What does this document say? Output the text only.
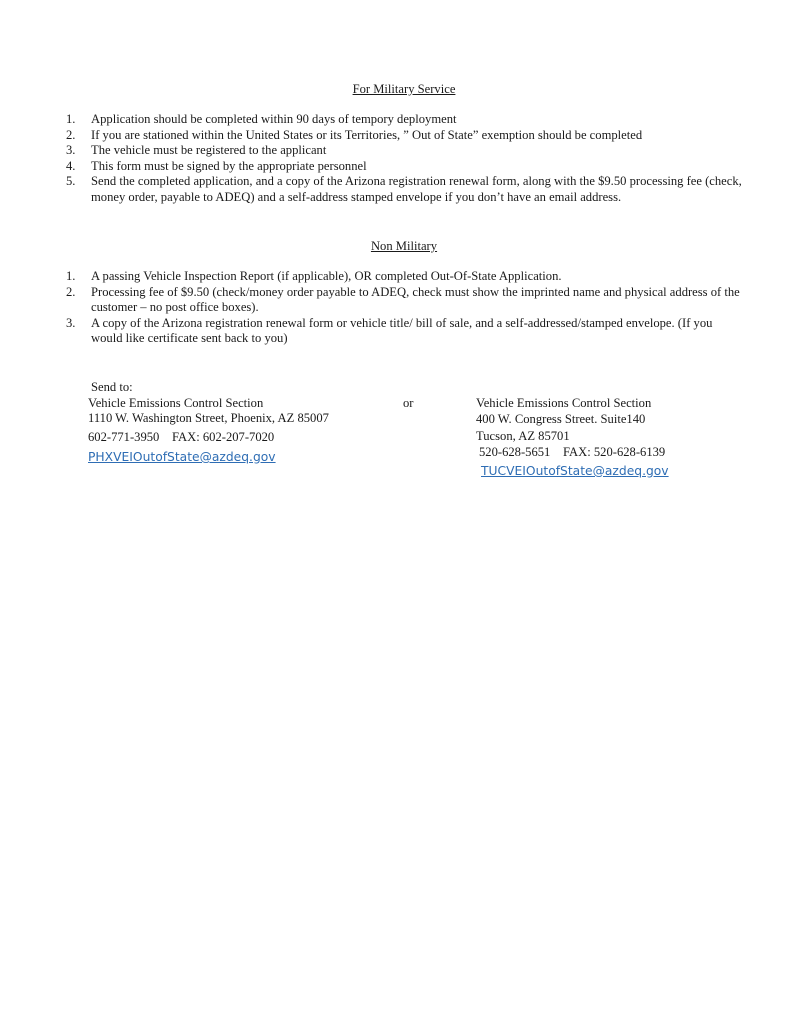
For Military Service
1. Application should be completed within 90 days of tempory deployment
2. If you are stationed within the United States or its Territories, ” Out of State” exemption should be completed
3. The vehicle must be registered to the applicant
4. This form must be signed by the appropriate personnel
5. Send the completed application, and a copy of the Arizona registration renewal form, along with the $9.50 processing fee (check, money order, payable to ADEQ) and a self-address stamped envelope if you don’t have an email address.
Non Military
1. A passing Vehicle Inspection Report (if applicable), OR completed Out-Of-State Application.
2. Processing fee of $9.50 (check/money order payable to ADEQ, check must show the imprinted name and physical address of the customer – no post office boxes).
3. A copy of the Arizona registration renewal form or vehicle title/ bill of sale, and a self-addressed/stamped envelope. (If you would like certificate sent back to you)
Send to:
Vehicle Emissions Control Section
1110 W. Washington Street, Phoenix, AZ 85007
602-771-3950 FAX: 602-207-7020
PHXVEIOutofState@azdeq.gov
or	Vehicle Emissions Control Section
400 W. Congress Street. Suite140
Tucson, AZ 85701
520-628-5651 FAX: 520-628-6139
TUCVEIOutofState@azdeq.gov
